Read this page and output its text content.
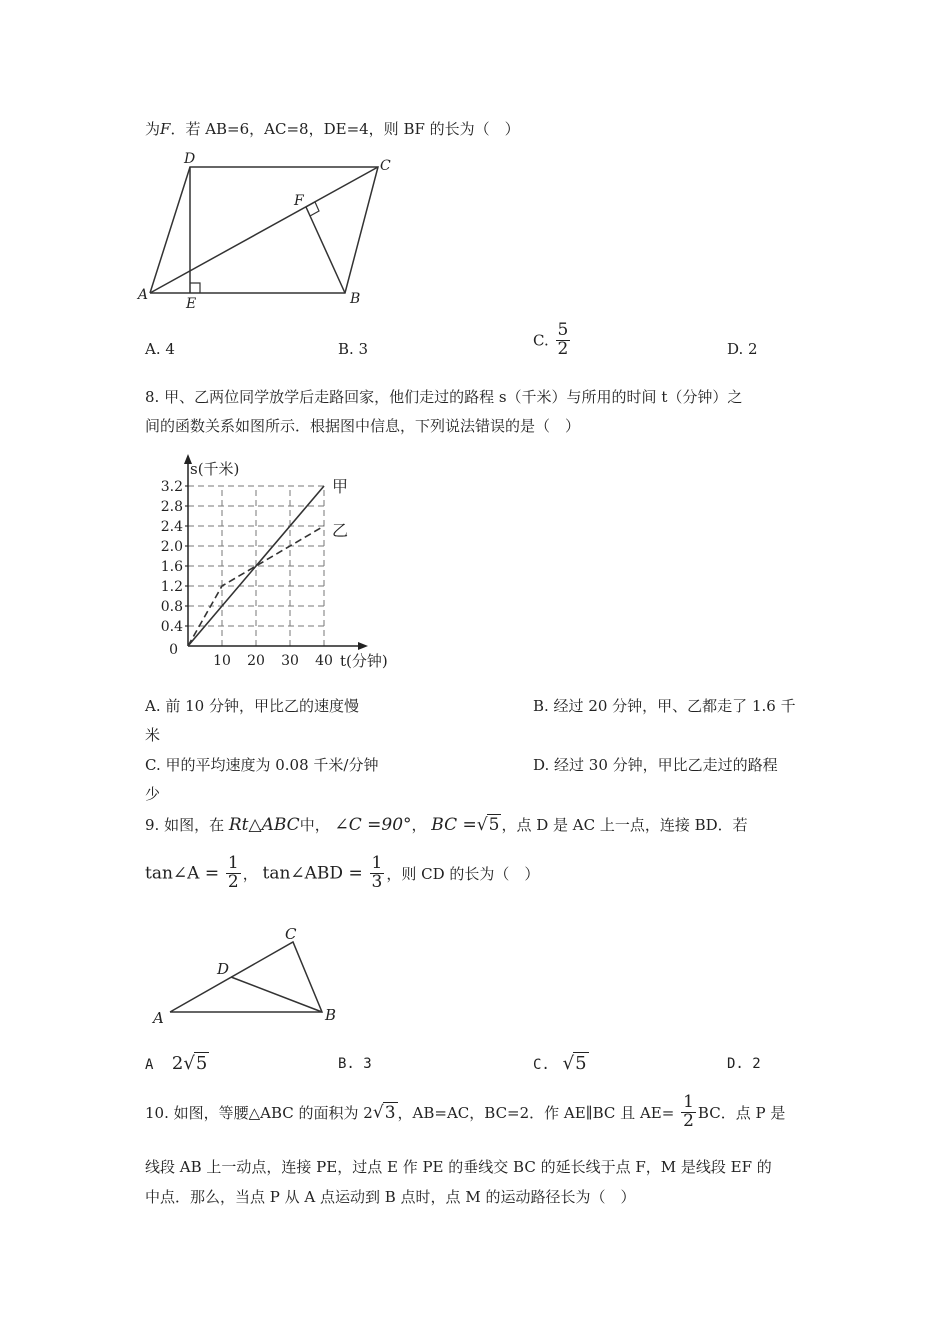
为F．若 AB=6，AC=8，DE=4，则 BF 的长为（　）
A	B
C
D
E
F
A. 4	B. 3	C. $\frac{5}{2}$	D. 2
8. 甲、乙两位同学放学后走路回家，他们走过的路程 s（千米）与所用的时间 t（分钟）之
间的函数关系如图所示．根据图中信息，下列说法错误的是（　）
0.4
0.8
1.2
1.6
2.0
2.4
2.8
3.2
10 20 30 40
0
s(千米)
t(分钟)
甲
乙
A. 前 10 分钟，甲比乙的速度慢	B. 经过 20 分钟，甲、乙都走了 1.6 千
米
C. 甲的平均速度为 0.08 千米/分钟	D. 经过 30 分钟，甲比乙走过的路程
少
9. 如图，在 Rt△ABC中， ∠C =90°， BC =√5 ，点 D 是 AC 上一点，连接 BD．若
tan∠A = $\frac{1}{2}$ ， tan∠ABD = $\frac{1}{3}$ ，则 CD 的长为（　）
A	B
C
D
A 2√5	B. 3	C. √5	D. 2
10. 如图，等腰△ABC 的面积为 2√3 ，AB=AC，BC=2．作 AE∥BC 且 $AE= \frac{1}{2}$ BC．点 P 是
线段 AB 上一动点，连接 PE，过点 E 作 PE 的垂线交 BC 的延长线于点 F，M 是线段 EF 的
中点．那么，当点 P 从 A 点运动到 B 点时，点 M 的运动路径长为（　）
